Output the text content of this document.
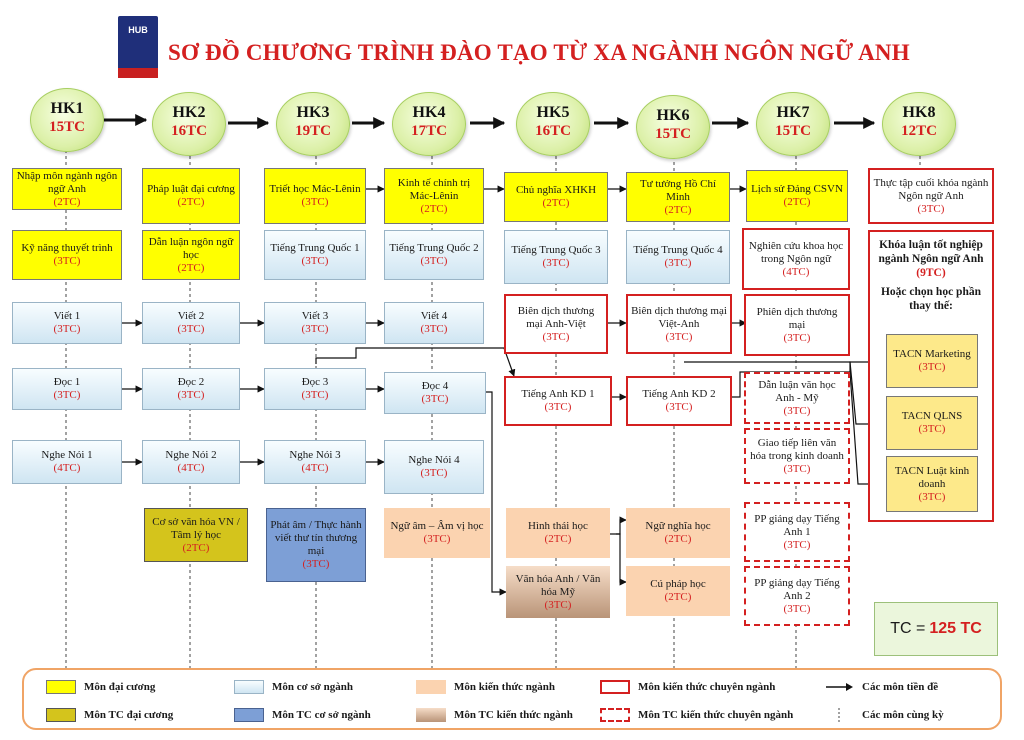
HUB
SƠ ĐỒ CHƯƠNG TRÌNH ĐÀO TẠO TỪ XA NGÀNH NGÔN NGỮ ANH
HK1
15TC
HK2
16TC
HK3
19TC
HK4
17TC
HK5
16TC
HK6
15TC
HK7
15TC
HK8
12TC
Nhập môn ngành ngôn ngữ Anh
(2TC)
Kỹ năng thuyết trình
(3TC)
Viết 1
(3TC)
Đọc 1
(3TC)
Nghe Nói 1
(4TC)
Pháp luật đại cương
(2TC)
Dẫn luận ngôn ngữ học
(2TC)
Viết 2
(3TC)
Đọc 2
(3TC)
Nghe Nói 2
(4TC)
Cơ sở văn hóa VN / Tâm lý học
(2TC)
Triết học Mác-Lênin
(3TC)
Tiếng Trung Quốc 1
(3TC)
Viết 3
(3TC)
Đọc 3
(3TC)
Nghe Nói 3
(4TC)
Phát âm / Thực hành viết thư tín thương mại
(3TC)
Kinh tế chính trị Mác-Lênin
(2TC)
Tiếng Trung Quốc 2
(3TC)
Viết 4
(3TC)
Đọc 4
(3TC)
Nghe Nói 4
(3TC)
Ngữ âm – Âm vị học
(3TC)
Chủ nghĩa XHKH
(2TC)
Tiếng Trung Quốc 3
(3TC)
Biên dịch thương mại Anh-Việt
(3TC)
Tiếng Anh KD 1
(3TC)
Hình thái học
(2TC)
Văn hóa Anh / Văn hóa Mỹ
(3TC)
Tư tưởng Hồ Chí Minh
(2TC)
Tiếng Trung Quốc 4
(3TC)
Biên dịch thương mại Việt-Anh
(3TC)
Tiếng Anh KD 2
(3TC)
Ngữ nghĩa học
(2TC)
Cú pháp học
(2TC)
Lịch sử Đảng CSVN
(2TC)
Nghiên cứu khoa học trong Ngôn ngữ
(4TC)
Phiên dịch thương mại
(3TC)
Dẫn luận văn học Anh - Mỹ
(3TC)
Giao tiếp liên văn hóa trong kinh doanh
(3TC)
PP giảng dạy Tiếng Anh 1
(3TC)
PP giảng dạy Tiếng Anh 2
(3TC)
Thực tập cuối khóa ngành Ngôn ngữ Anh
(3TC)
Khóa luận tốt nghiệp ngành Ngôn ngữ Anh (9TC)
Hoặc chọn học phần thay thế:
TACN Marketing
(3TC)
TACN QLNS
(3TC)
TACN Luật kinh doanh
(3TC)
TC = 125 TC
Môn đại cương	Môn cơ sở ngành	Môn kiến thức ngành	Môn kiến thức chuyên ngành	Các môn tiền đề
Môn TC đại cương	Môn TC cơ sở ngành	Môn TC kiến thức ngành	Môn TC kiến thức chuyên ngành	Các môn cùng kỳ
